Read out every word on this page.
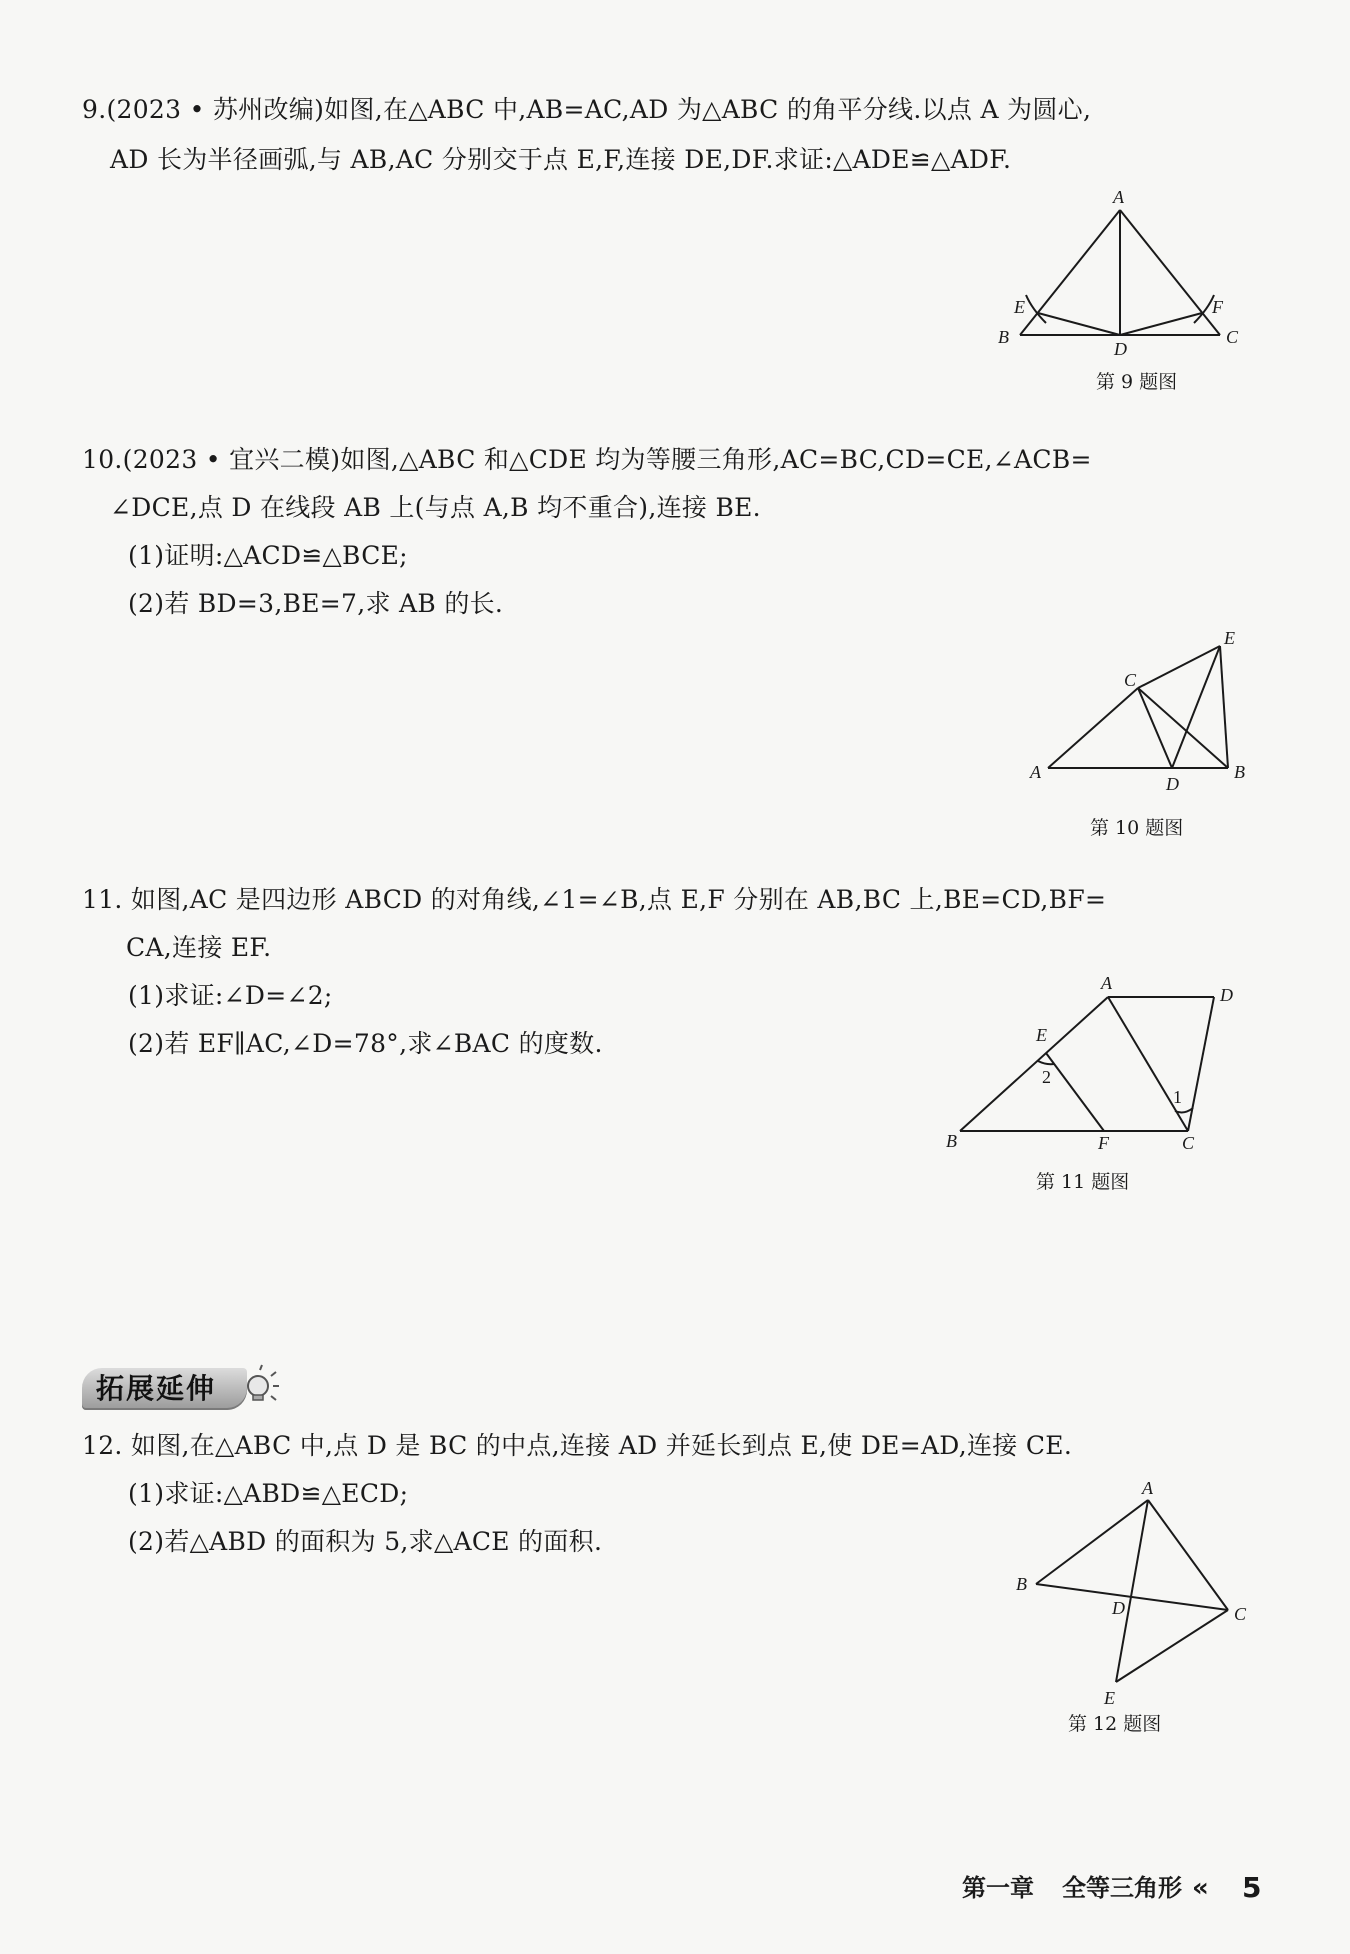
9.(2023 • 苏州改编)如图,在△ABC 中,AB=AC,AD 为△ABC 的角平分线.以点 A 为圆心,
AD 长为半径画弧,与 AB,AC 分别交于点 E,F,连接 DE,DF.求证:△ADE≌△ADF.
A
B	C
D
E	F
第 9 题图
10.(2023 • 宜兴二模)如图,△ABC 和△CDE 均为等腰三角形,AC=BC,CD=CE,∠ACB=
∠DCE,点 D 在线段 AB 上(与点 A,B 均不重合),连接 BE.
(1)证明:△ACD≌△BCE;
(2)若 BD=3,BE=7,求 AB 的长.
A	B
C
D
E
第 10 题图
11. 如图,AC 是四边形 ABCD 的对角线,∠1=∠B,点 E,F 分别在 AB,BC 上,BE=CD,BF=
CA,连接 EF.
(1)求证:∠D=∠2;
(2)若 EF∥AC,∠D=78°,求∠BAC 的度数.
A
B	C
D
E
F
1
2
第 11 题图
拓展延伸
12. 如图,在△ABC 中,点 D 是 BC 的中点,连接 AD 并延长到点 E,使 DE=AD,连接 CE.
(1)求证:△ABD≌△ECD;
(2)若△ABD 的面积为 5,求△ACE 的面积.
A
B
C
D
E
第 12 题图
第一章 全等三角形 « 5
